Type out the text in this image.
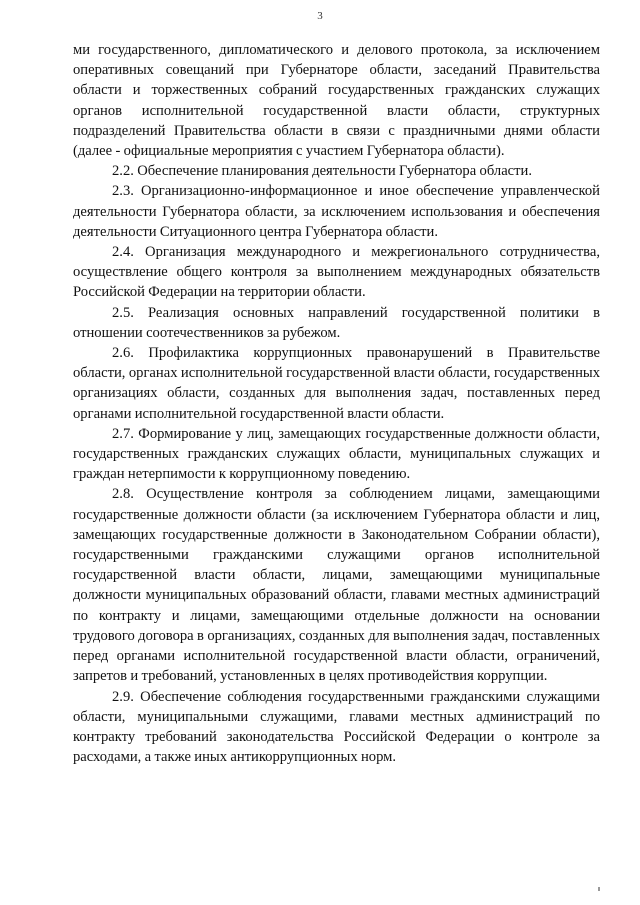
3

ми государственного, дипломатического и делового протокола, за исключением оперативных совещаний при Губернаторе области, заседаний Правительства области и торжественных собраний государственных гражданских служащих органов исполнительной государственной власти области, структурных подразделений Правительства области в связи с праздничными днями области (далее - официальные мероприятия с участием Губернатора области).

2.2. Обеспечение планирования деятельности Губернатора области.

2.3. Организационно-информационное и иное обеспечение управленческой деятельности Губернатора области, за исключением использования и обеспечения деятельности Ситуационного центра Губернатора области.

2.4. Организация международного и межрегионального сотрудничества, осуществление общего контроля за выполнением международных обязательств Российской Федерации на территории области.

2.5. Реализация основных направлений государственной политики в отношении соотечественников за рубежом.

2.6. Профилактика коррупционных правонарушений в Правительстве области, органах исполнительной государственной власти области, государственных организациях области, созданных для выполнения задач, поставленных перед органами исполнительной государственной власти области.

2.7. Формирование у лиц, замещающих государственные должности области, государственных гражданских служащих области, муниципальных служащих и граждан нетерпимости к коррупционному поведению.

2.8. Осуществление контроля за соблюдением лицами, замещающими государственные должности области (за исключением Губернатора области и лиц, замещающих государственные должности в Законодательном Собрании области), государственными гражданскими служащими органов исполнительной государственной власти области, лицами, замещающими муниципальные должности муниципальных образований области, главами местных администраций по контракту и лицами, замещающими отдельные должности на основании трудового договора в организациях, созданных для выполнения задач, поставленных перед органами исполнительной государственной власти области, ограничений, запретов и требований, установленных в целях противодействия коррупции.

2.9. Обеспечение соблюдения государственными гражданскими служащими области, муниципальными служащими, главами местных администраций по контракту требований законодательства Российской Федерации о контроле за расходами, а также иных антикоррупционных норм.
